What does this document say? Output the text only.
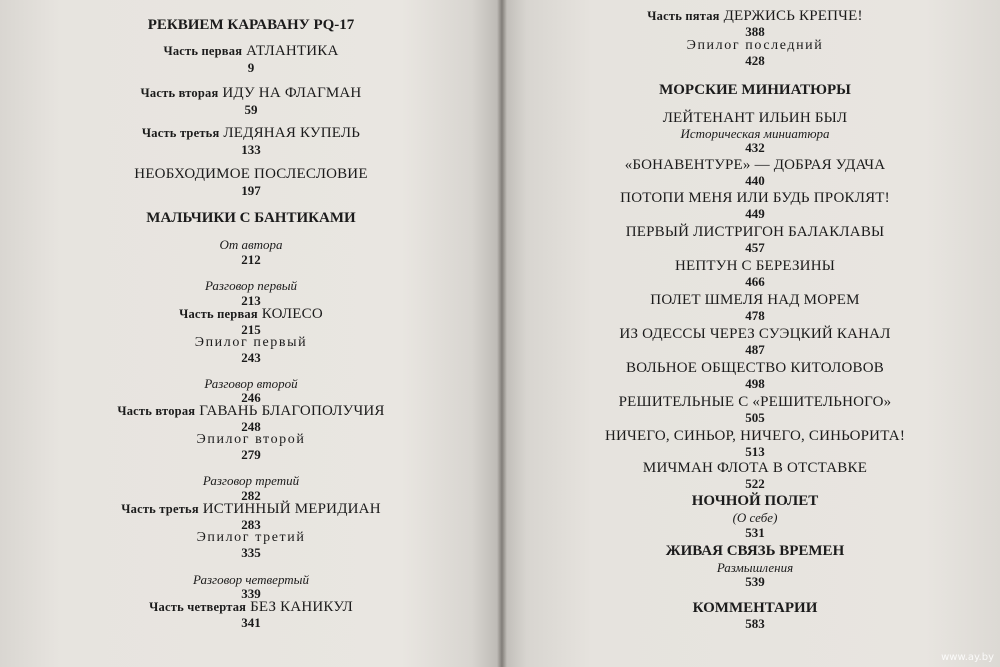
РЕКВИЕМ КАРАВАНУ PQ-17
Часть первая АТЛАНТИКА
9
Часть вторая ИДУ НА ФЛАГМАН
59
Часть третья ЛЕДЯНАЯ КУПЕЛЬ
133
НЕОБХОДИМОЕ ПОСЛЕСЛОВИЕ
197
МАЛЬЧИКИ С БАНТИКАМИ
От автора
212
Разговор первый
213
Часть первая КОЛЕСО
215
Эпилог первый
243
Разговор второй
246
Часть вторая ГАВАНЬ БЛАГОПОЛУЧИЯ
248
Эпилог второй
279
Разговор третий
282
Часть третья ИСТИННЫЙ МЕРИДИАН
283
Эпилог третий
335
Разговор четвертый
339
Часть четвертая БЕЗ КАНИКУЛ
341
Часть пятая ДЕРЖИСЬ КРЕПЧЕ!
388
Эпилог последний
428
МОРСКИЕ МИНИАТЮРЫ
ЛЕЙТЕНАНТ ИЛЬИН БЫЛ
Историческая миниатюра
432
«БОНАВЕНТУРЕ» — ДОБРАЯ УДАЧА
440
ПОТОПИ МЕНЯ ИЛИ БУДЬ ПРОКЛЯТ!
449
ПЕРВЫЙ ЛИСТРИГОН БАЛАКЛАВЫ
457
НЕПТУН С БЕРЕЗИНЫ
466
ПОЛЕТ ШМЕЛЯ НАД МОРЕМ
478
ИЗ ОДЕССЫ ЧЕРЕЗ СУЭЦКИЙ КАНАЛ
487
ВОЛЬНОЕ ОБЩЕСТВО КИТОЛОВОВ
498
РЕШИТЕЛЬНЫЕ С «РЕШИТЕЛЬНОГО»
505
НИЧЕГО, СИНЬОР, НИЧЕГО, СИНЬОРИТА!
513
МИЧМАН ФЛОТА В ОТСТАВКЕ
522
НОЧНОЙ ПОЛЕТ
(О себе)
531
ЖИВАЯ СВЯЗЬ ВРЕМЕН
Размышления
539
КОММЕНТАРИИ
583
www.ay.by
